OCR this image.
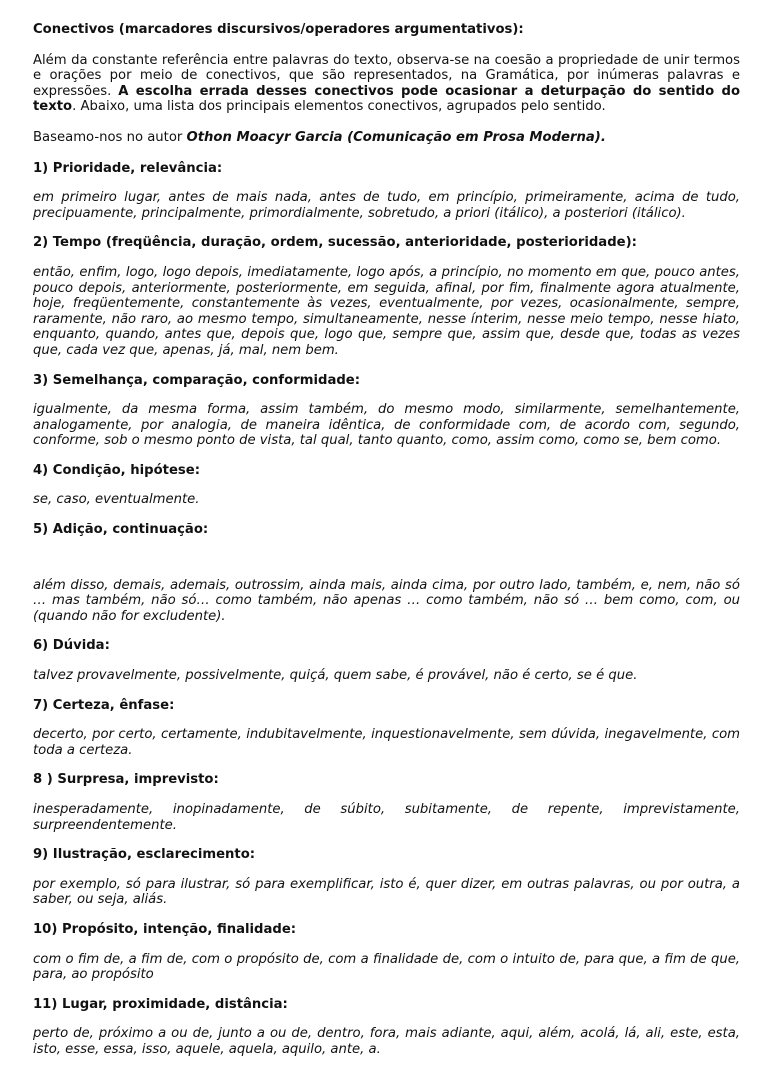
Conectivos (marcadores discursivos/operadores argumentativos):

Além da constante referência entre palavras do texto, observa-se na coesão a propriedade de unir termos e orações por meio de conectivos, que são representados, na Gramática, por inúmeras palavras e expressões. A escolha errada desses conectivos pode ocasionar a deturpação do sentido do texto. Abaixo, uma lista dos principais elementos conectivos, agrupados pelo sentido.

Baseamo-nos no autor Othon Moacyr Garcia (Comunicação em Prosa Moderna).

1) Prioridade, relevância:

em primeiro lugar, antes de mais nada, antes de tudo, em princípio, primeiramente, acima de tudo, precipuamente, principalmente, primordialmente, sobretudo, a priori (itálico), a posteriori (itálico).

2) Tempo (freqüência, duração, ordem, sucessão, anterioridade, posterioridade):

então, enfim, logo, logo depois, imediatamente, logo após, a princípio, no momento em que, pouco antes, pouco depois, anteriormente, posteriormente, em seguida, afinal, por fim, finalmente agora atualmente, hoje, freqüentemente, constantemente às vezes, eventualmente, por vezes, ocasionalmente, sempre, raramente, não raro, ao mesmo tempo, simultaneamente, nesse ínterim, nesse meio tempo, nesse hiato, enquanto, quando, antes que, depois que, logo que, sempre que, assim que, desde que, todas as vezes que, cada vez que, apenas, já, mal, nem bem.

3) Semelhança, comparação, conformidade:

igualmente, da mesma forma, assim também, do mesmo modo, similarmente, semelhantemente, analogamente, por analogia, de maneira idêntica, de conformidade com, de acordo com, segundo, conforme, sob o mesmo ponto de vista, tal qual, tanto quanto, como, assim como, como se, bem como.

4) Condição, hipótese:

se, caso, eventualmente.

5) Adição, continuação:

além disso, demais, ademais, outrossim, ainda mais, ainda cima, por outro lado, também, e, nem, não só … mas também, não só… como também, não apenas … como também, não só … bem como, com, ou (quando não for excludente).

6) Dúvida:

talvez provavelmente, possivelmente, quiçá, quem sabe, é provável, não é certo, se é que.

7) Certeza, ênfase:

decerto, por certo, certamente, indubitavelmente, inquestionavelmente, sem dúvida, inegavelmente, com toda a certeza.

8 ) Surpresa, imprevisto:

inesperadamente, inopinadamente, de súbito, subitamente, de repente, imprevistamente, surpreendentemente.

9) Ilustração, esclarecimento:

por exemplo, só para ilustrar, só para exemplificar, isto é, quer dizer, em outras palavras, ou por outra, a saber, ou seja, aliás.

10) Propósito, intenção, finalidade:

com o fim de, a fim de, com o propósito de, com a finalidade de, com o intuito de, para que, a fim de que, para, ao propósito

11) Lugar, proximidade, distância:

perto de, próximo a ou de, junto a ou de, dentro, fora, mais adiante, aqui, além, acolá, lá, ali, este, esta, isto, esse, essa, isso, aquele, aquela, aquilo, ante, a.
